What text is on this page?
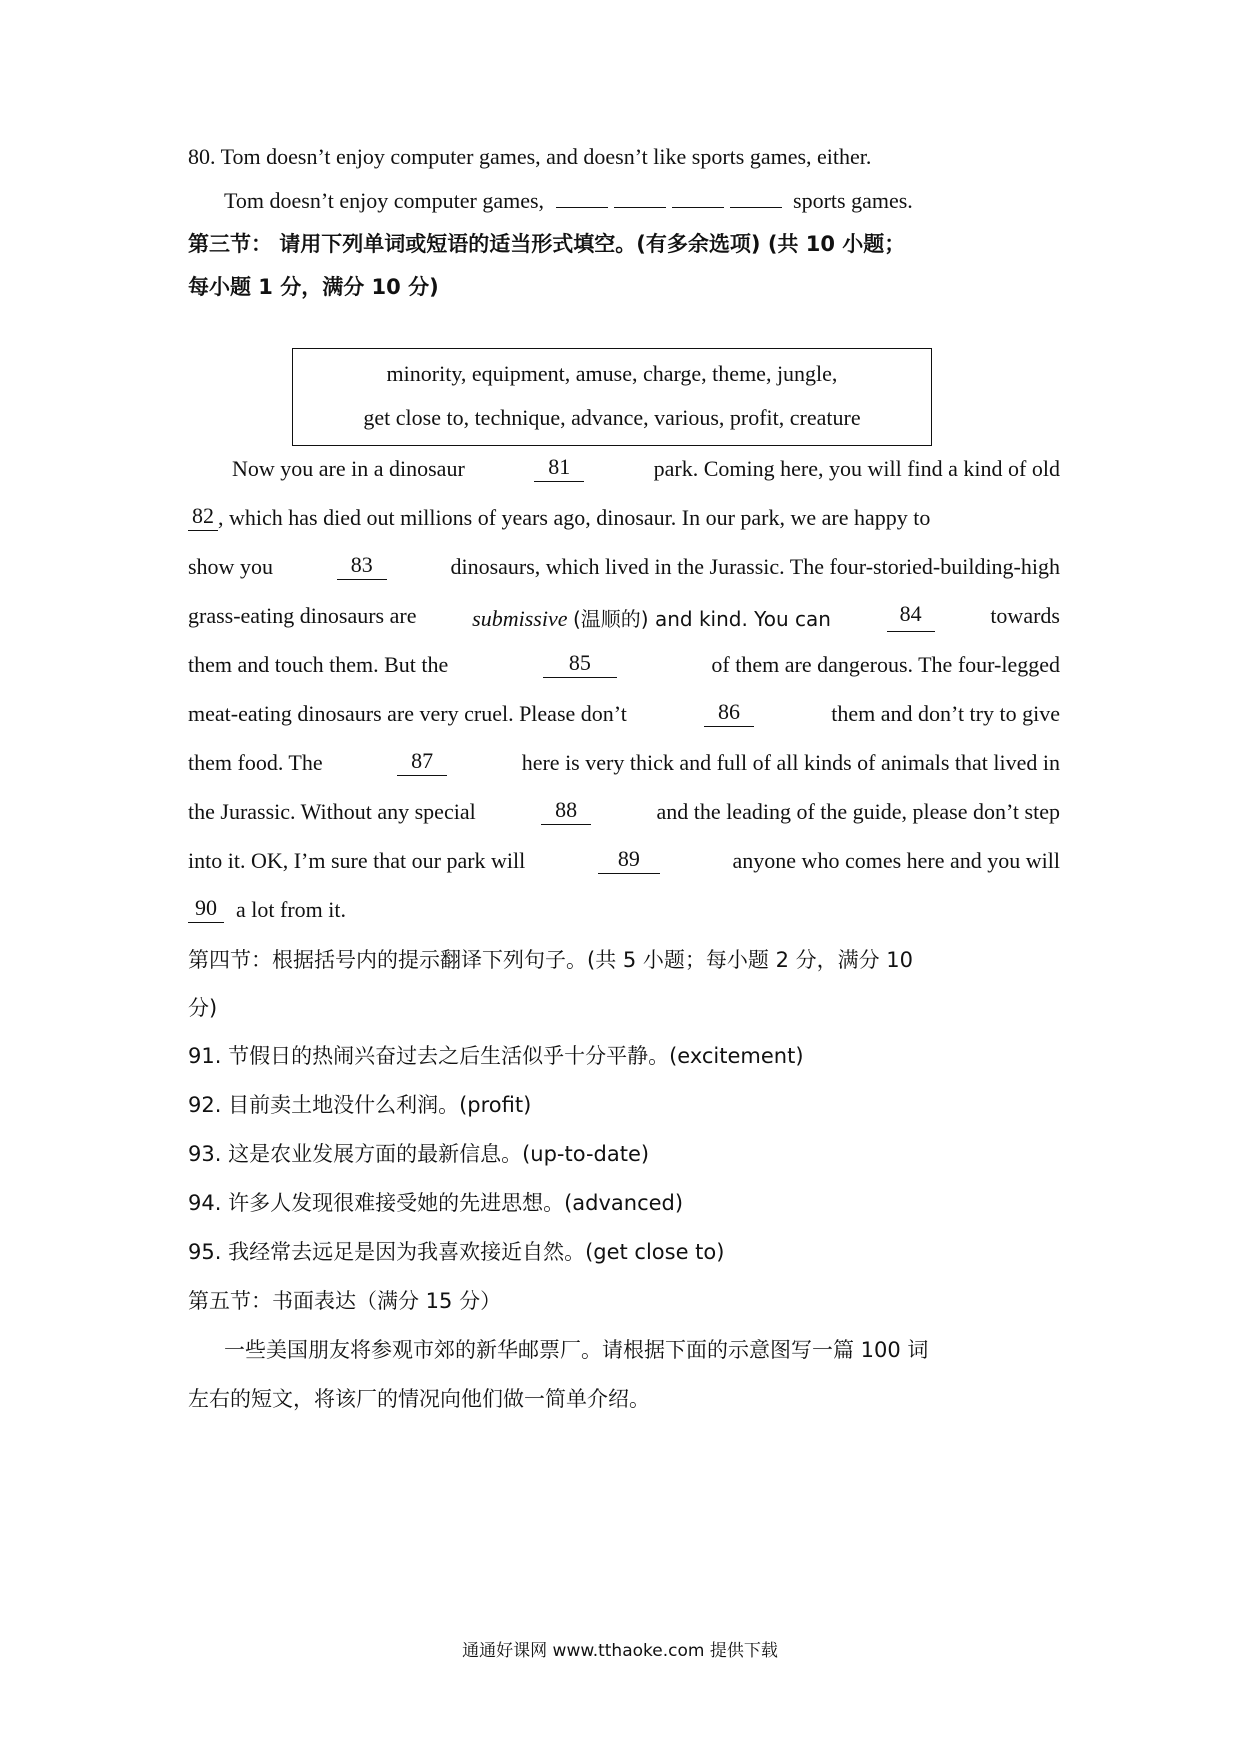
80. Tom doesn’t enjoy computer games, and doesn’t like sports games, either.
Tom doesn’t enjoy computer games,	sports games.
第三节： 请用下列单词或短语的适当形式填空。(有多余选项) (共 10 小题；
每小题 1 分，满分 10 分)
minority, equipment, amuse, charge, theme, jungle,
get close to, technique, advance, various, profit, creature
Now you are in a dinosaur	81	park. Coming here, you will find a kind of old
82 , which has died out millions of years ago, dinosaur. In our park, we are happy to
show you	83	dinosaurs, which lived in the Jurassic. The four-storied-building-high
grass-eating dinosaurs are	submissive (温顺的) and kind. You can	84	towards
them and touch them. But the	85	of them are dangerous. The four-legged
meat-eating dinosaurs are very cruel. Please don’t	86	them and don’t try to give
them food. The	87	here is very thick and full of all kinds of animals that lived in
the Jurassic. Without any special	88	and the leading of the guide, please don’t step
into it. OK, I’m sure that our park will	89	anyone who comes here and you will
90 a lot from it.
第四节：根据括号内的提示翻译下列句子。(共 5 小题；每小题 2 分，满分 10
分)
91. 节假日的热闹兴奋过去之后生活似乎十分平静。(excitement)
92. 目前卖土地没什么利润。(profit)
93. 这是农业发展方面的最新信息。(up-to-date)
94. 许多人发现很难接受她的先进思想。(advanced)
95. 我经常去远足是因为我喜欢接近自然。(get close to)
第五节：书面表达（满分 15 分）
一些美国朋友将参观市郊的新华邮票厂。请根据下面的示意图写一篇 100 词
左右的短文，将该厂的情况向他们做一简单介绍。
通通好课网 www.tthaoke.com 提供下载
